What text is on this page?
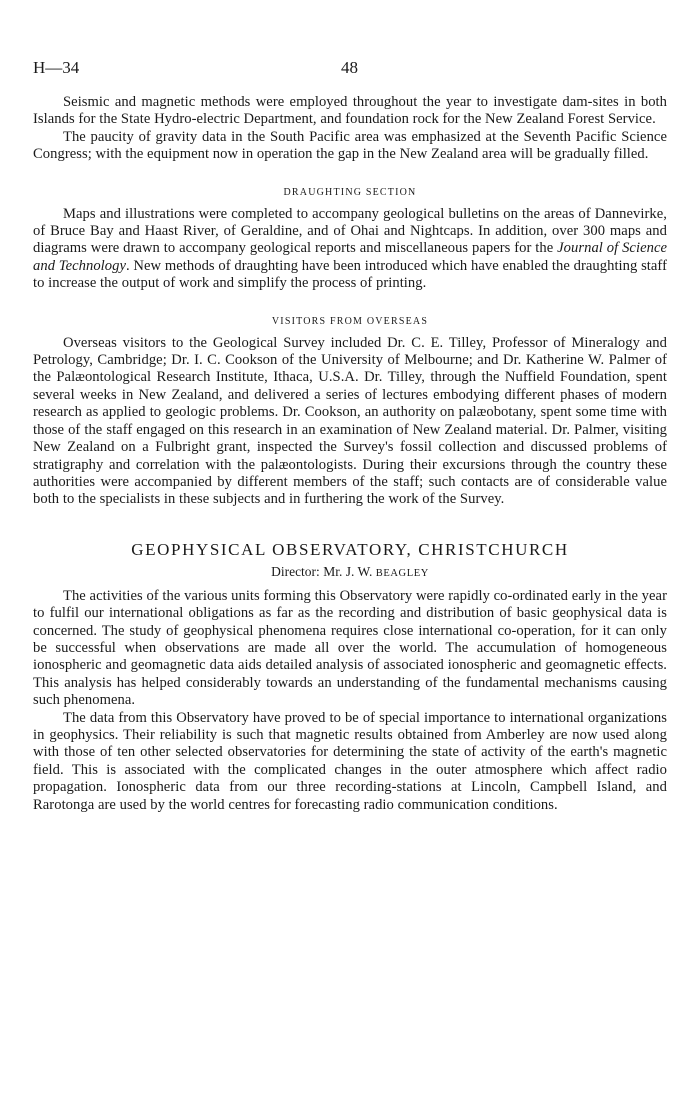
H—34	48

Seismic and magnetic methods were employed throughout the year to investigate dam-sites in both Islands for the State Hydro-electric Department, and foundation rock for the New Zealand Forest Service.

The paucity of gravity data in the South Pacific area was emphasized at the Seventh Pacific Science Congress; with the equipment now in operation the gap in the New Zealand area will be gradually filled.

DRAUGHTING SECTION

Maps and illustrations were completed to accompany geological bulletins on the areas of Dannevirke, of Bruce Bay and Haast River, of Geraldine, and of Ohai and Nightcaps. In addition, over 300 maps and diagrams were drawn to accompany geological reports and miscellaneous papers for the Journal of Science and Technology. New methods of draughting have been introduced which have enabled the draughting staff to increase the output of work and simplify the process of printing.

VISITORS FROM OVERSEAS

Overseas visitors to the Geological Survey included Dr. C. E. Tilley, Professor of Mineralogy and Petrology, Cambridge; Dr. I. C. Cookson of the University of Melbourne; and Dr. Katherine W. Palmer of the Palæontological Research Institute, Ithaca, U.S.A. Dr. Tilley, through the Nuffield Foundation, spent several weeks in New Zealand, and delivered a series of lectures embodying different phases of modern research as applied to geologic problems. Dr. Cookson, an authority on palæobotany, spent some time with those of the staff engaged on this research in an examination of New Zealand material. Dr. Palmer, visiting New Zealand on a Fulbright grant, inspected the Survey's fossil collection and discussed problems of stratigraphy and correlation with the palæontologists. During their excursions through the country these authorities were accompanied by different members of the staff; such contacts are of considerable value both to the specialists in these subjects and in furthering the work of the Survey.

GEOPHYSICAL OBSERVATORY, CHRISTCHURCH
Director: Mr. J. W. BEAGLEY

The activities of the various units forming this Observatory were rapidly co-ordinated early in the year to fulfil our international obligations as far as the recording and distribution of basic geophysical data is concerned. The study of geophysical phenomena requires close international co-operation, for it can only be successful when observations are made all over the world. The accumulation of homogeneous ionospheric and geomagnetic data aids detailed analysis of associated ionospheric and geomagnetic effects. This analysis has helped considerably towards an understanding of the fundamental mechanisms causing such phenomena.

The data from this Observatory have proved to be of special importance to international organizations in geophysics. Their reliability is such that magnetic results obtained from Amberley are now used along with those of ten other selected observatories for determining the state of activity of the earth's magnetic field. This is associated with the complicated changes in the outer atmosphere which affect radio propagation. Ionospheric data from our three recording-stations at Lincoln, Campbell Island, and Rarotonga are used by the world centres for forecasting radio communication conditions.
